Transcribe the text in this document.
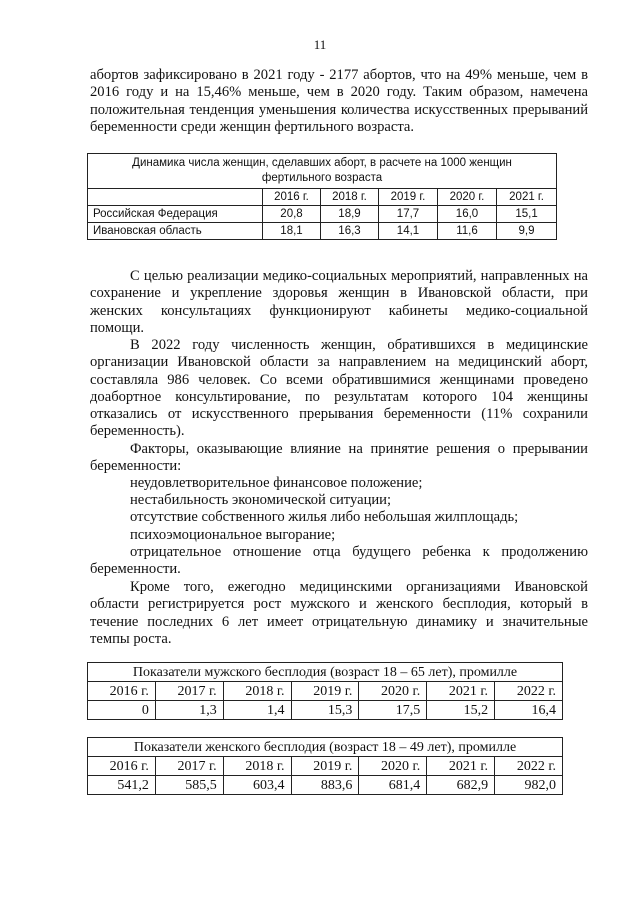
11

абортов зафиксировано в 2021 году - 2177 абортов, что на 49% меньше, чем в 2016 году и на 15,46% меньше, чем в 2020 году. Таким образом, намечена положительная тенденция уменьшения количества искусственных прерываний беременности среди женщин фертильного возраста.

Динамика числа женщин, сделавших аборт, в расчете на 1000 женщин фертильного возраста					
	2016 г.	2018 г.	2019 г.	2020 г.	2021 г.
Российская Федерация	20,8	18,9	17,7	16,0	15,1
Ивановская область	18,1	16,3	14,1	11,6	9,9

С целью реализации медико-социальных мероприятий, направленных на сохранение и укрепление здоровья женщин в Ивановской области, при женских консультациях функционируют кабинеты медико-социальной помощи.

В 2022 году численность женщин, обратившихся в медицинские организации Ивановской области за направлением на медицинский аборт, составляла 986 человек. Со всеми обратившимися женщинами проведено доабортное консультирование, по результатам которого 104 женщины отказались от искусственного прерывания беременности (11% сохранили беременность).

Факторы, оказывающие влияние на принятие решения о прерывании беременности:

неудовлетворительное финансовое положение;

нестабильность экономической ситуации;

отсутствие собственного жилья либо небольшая жилплощадь;

психоэмоциональное выгорание;

отрицательное отношение отца будущего ребенка к продолжению беременности.

Кроме того, ежегодно медицинскими организациями Ивановской области регистрируется рост мужского и женского бесплодия, который в течение последних 6 лет имеет отрицательную динамику и значительные темпы роста.

Показатели мужского бесплодия (возраст 18 – 65 лет), промилле						
2016 г.	2017 г.	2018 г.	2019 г.	2020 г.	2021 г.	2022 г.
0	1,3	1,4	15,3	17,5	15,2	16,4
Показатели женского бесплодия (возраст 18 – 49 лет), промилле						
2016 г.	2017 г.	2018 г.	2019 г.	2020 г.	2021 г.	2022 г.
541,2	585,5	603,4	883,6	681,4	682,9	982,0
